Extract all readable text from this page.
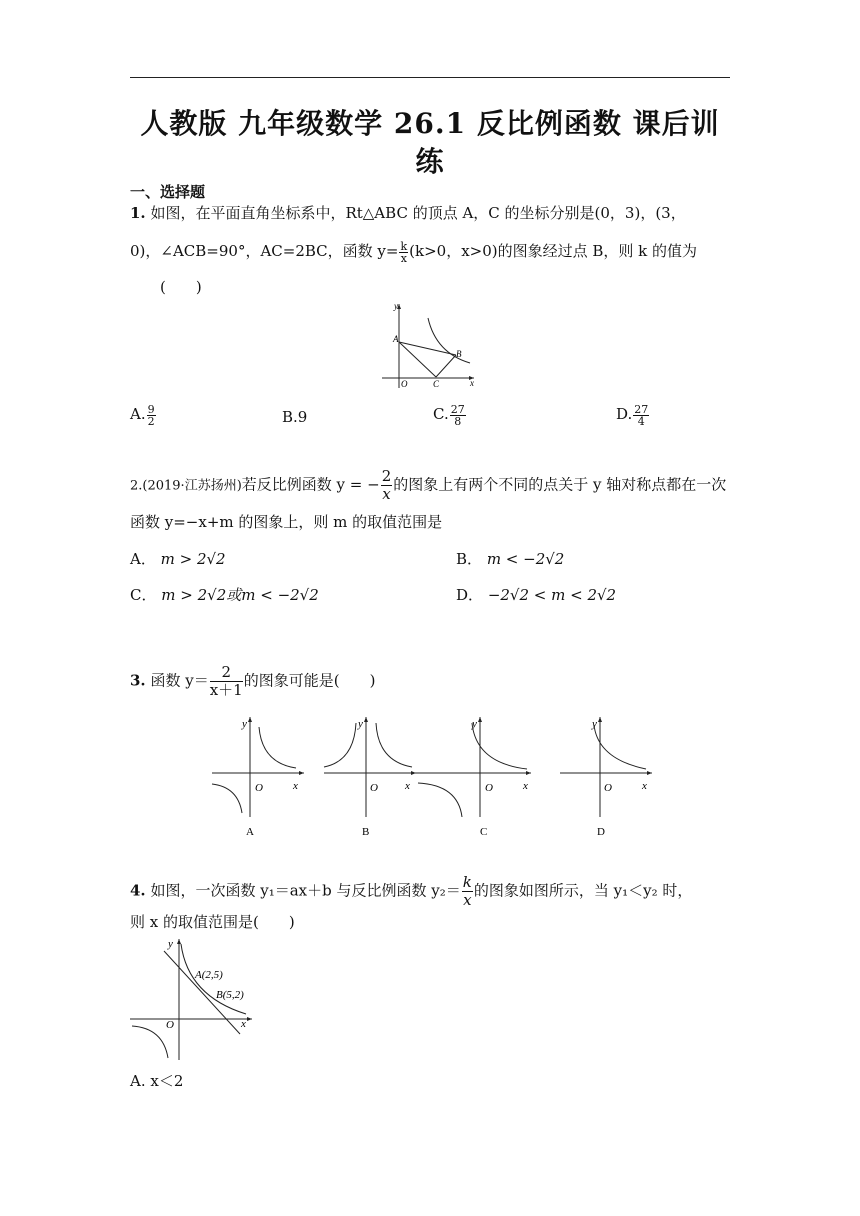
人教版 九年级数学 26.1 反比例函数 课后训
练
一、选择题
1. 如图，在平面直角坐标系中，Rt△ABC 的顶点 A，C 的坐标分别是(0，3)，(3，
0)，∠ACB=90°，AC=2BC，函数 $y= \frac{k}{x} (k>0$，x>0)的图象经过点 B，则 k 的值为
(　　)
y
x
O
A
B
C
A. $\frac{9}{2}$	B.9	C. $\frac{27}{8}$	D. $\frac{27}{4}$
2.(2019·江苏扬州)若反比例函数 y = − $\frac{2}{x}$的图象上有两个不同的点关于 y 轴对称点都在一次
函数 y=−x+m 的图象上，则 m 的取值范围是
A． m > 2√2	B． m < −2√2
C． m > 2√2或m < −2√2	D． −2√2 < m < 2√2
3. 函数 $y= \frac{2}{x+1}$ 的图象可能是(　　)
y
x
O
A
y
x
O
B
y
x
O
C
y
x
O
D
4. 如图，一次函数 y₁＝ax＋b 与反比例函数 $y_2= \frac{k}{x}$ 的图象如图所示，当 y₁＜y₂ 时，
则 x 的取值范围是(　　)
y
x
O
A(2,5)
B(5,2)
A. x＜2
